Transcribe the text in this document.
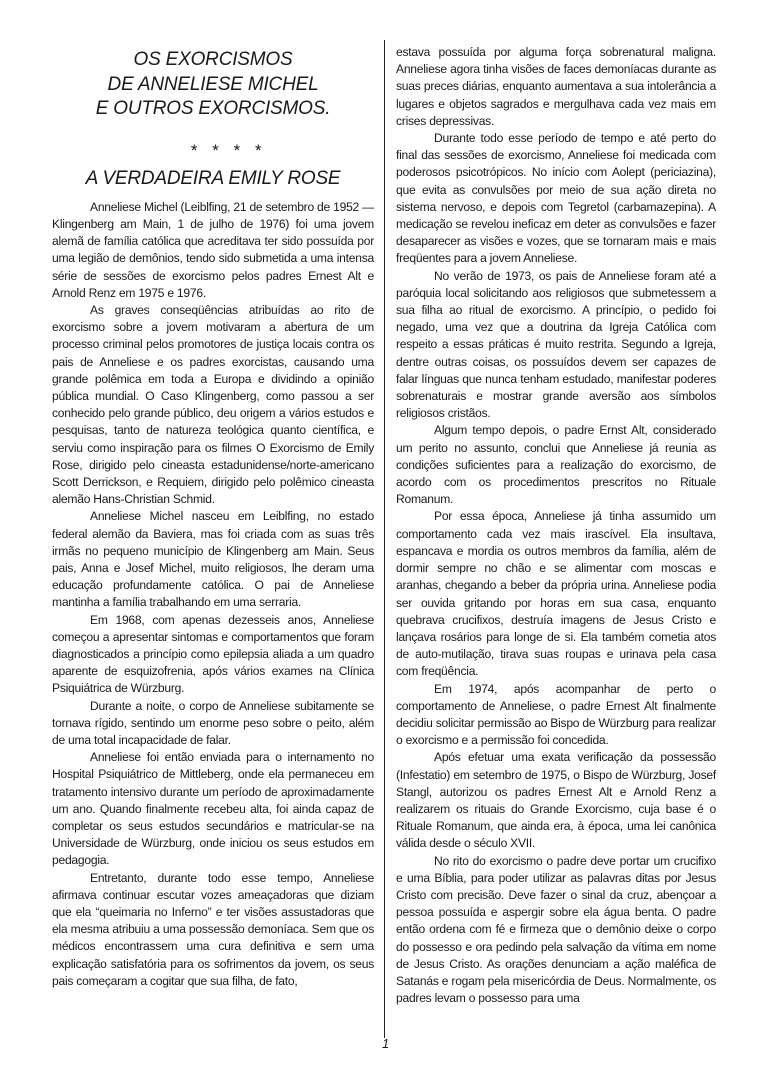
OS EXORCISMOS
DE ANNELIESE MICHEL
E OUTROS EXORCISMOS.
* * * *
A VERDADEIRA EMILY ROSE

Anneliese Michel (Leiblfing, 21 de setembro de 1952 — Klingenberg am Main, 1 de julho de 1976) foi uma jovem alemã de família católica que acreditava ter sido possuída por uma legião de demônios, tendo sido submetida a uma intensa série de sessões de exorcismo pelos padres Ernest Alt e Arnold Renz em 1975 e 1976.

As graves conseqüências atribuídas ao rito de exorcismo sobre a jovem motivaram a abertura de um processo criminal pelos promotores de justiça locais contra os pais de Anneliese e os padres exorcistas, causando uma grande polêmica em toda a Europa e dividindo a opinião pública mundial. O Caso Klingenberg, como passou a ser conhecido pelo grande público, deu origem a vários estudos e pesquisas, tanto de natureza teológica quanto científica, e serviu como inspiração para os filmes O Exorcismo de Emily Rose, dirigido pelo cineasta estadunidense/norte-americano Scott Derrickson, e Requiem, dirigido pelo polêmico cineasta alemão Hans-Christian Schmid.

Anneliese Michel nasceu em Leiblfing, no estado federal alemão da Baviera, mas foi criada com as suas três irmãs no pequeno município de Klingenberg am Main. Seus pais, Anna e Josef Michel, muito religiosos, lhe deram uma educação profundamente católica. O pai de Anneliese mantinha a família trabalhando em uma serraria.

Em 1968, com apenas dezesseis anos, Anneliese começou a apresentar sintomas e comportamentos que foram diagnosticados a princípio como epilepsia aliada a um quadro aparente de esquizofrenia, após vários exames na Clínica Psiquiátrica de Würzburg.

Durante a noite, o corpo de Anneliese subitamente se tornava rígido, sentindo um enorme peso sobre o peito, além de uma total incapacidade de falar.

Anneliese foi então enviada para o internamento no Hospital Psiquiátrico de Mittleberg, onde ela permaneceu em tratamento intensivo durante um período de aproximadamente um ano. Quando finalmente recebeu alta, foi ainda capaz de completar os seus estudos secundários e matricular-se na Universidade de Würzburg, onde iniciou os seus estudos em pedagogia.

Entretanto, durante todo esse tempo, Anneliese afirmava continuar escutar vozes ameaçadoras que diziam que ela “queimaria no Inferno” e ter visões assustadoras que ela mesma atribuiu a uma possessão demoníaca. Sem que os médicos encontrassem uma cura definitiva e sem uma explicação satisfatória para os sofrimentos da jovem, os seus pais começaram a cogitar que sua filha, de fato,

estava possuída por alguma força sobrenatural maligna. Anneliese agora tinha visões de faces demoníacas durante as suas preces diárias, enquanto aumentava a sua intolerância a lugares e objetos sagrados e mergulhava cada vez mais em crises depressivas.

Durante todo esse período de tempo e até perto do final das sessões de exorcismo, Anneliese foi medicada com poderosos psicotrópicos. No início com Aolept (periciazina), que evita as convulsões por meio de sua ação direta no sistema nervoso, e depois com Tegretol (carbamazepina). A medicação se revelou ineficaz em deter as convulsões e fazer desaparecer as visões e vozes, que se tornaram mais e mais freqüentes para a jovem Anneliese.

No verão de 1973, os pais de Anneliese foram até a paróquia local solicitando aos religiosos que submetessem a sua filha ao ritual de exorcismo. A princípio, o pedido foi negado, uma vez que a doutrina da Igreja Católica com respeito a essas práticas é muito restrita. Segundo a Igreja, dentre outras coisas, os possuídos devem ser capazes de falar línguas que nunca tenham estudado, manifestar poderes sobrenaturais e mostrar grande aversão aos símbolos religiosos cristãos.

Algum tempo depois, o padre Ernst Alt, considerado um perito no assunto, conclui que Anneliese já reunia as condições suficientes para a realização do exorcismo, de acordo com os procedimentos prescritos no Rituale Romanum.

Por essa época, Anneliese já tinha assumido um comportamento cada vez mais irascível. Ela insultava, espancava e mordia os outros membros da família, além de dormir sempre no chão e se alimentar com moscas e aranhas, chegando a beber da própria urina. Anneliese podia ser ouvida gritando por horas em sua casa, enquanto quebrava crucifixos, destruía imagens de Jesus Cristo e lançava rosários para longe de si. Ela também cometia atos de auto-mutilação, tirava suas roupas e urinava pela casa com freqüência.

Em 1974, após acompanhar de perto o comportamento de Anneliese, o padre Ernest Alt finalmente decidiu solicitar permissão ao Bispo de Würzburg para realizar o exorcismo e a permissão foi concedida.

Após efetuar uma exata verificação da possessão (Infestatio) em setembro de 1975, o Bispo de Würzburg, Josef Stangl, autorizou os padres Ernest Alt e Arnold Renz a realizarem os rituais do Grande Exorcismo, cuja base é o Rituale Romanum, que ainda era, à época, uma lei canônica válida desde o século XVII.

No rito do exorcismo o padre deve portar um crucifixo e uma Bíblia, para poder utilizar as palavras ditas por Jesus Cristo com precisão. Deve fazer o sinal da cruz, abençoar a pessoa possuída e aspergir sobre ela água benta. O padre então ordena com fé e firmeza que o demônio deixe o corpo do possesso e ora pedindo pela salvação da vítima em nome de Jesus Cristo. As orações denunciam a ação maléfica de Satanás e rogam pela misericórdia de Deus. Normalmente, os padres levam o possesso para uma

1
